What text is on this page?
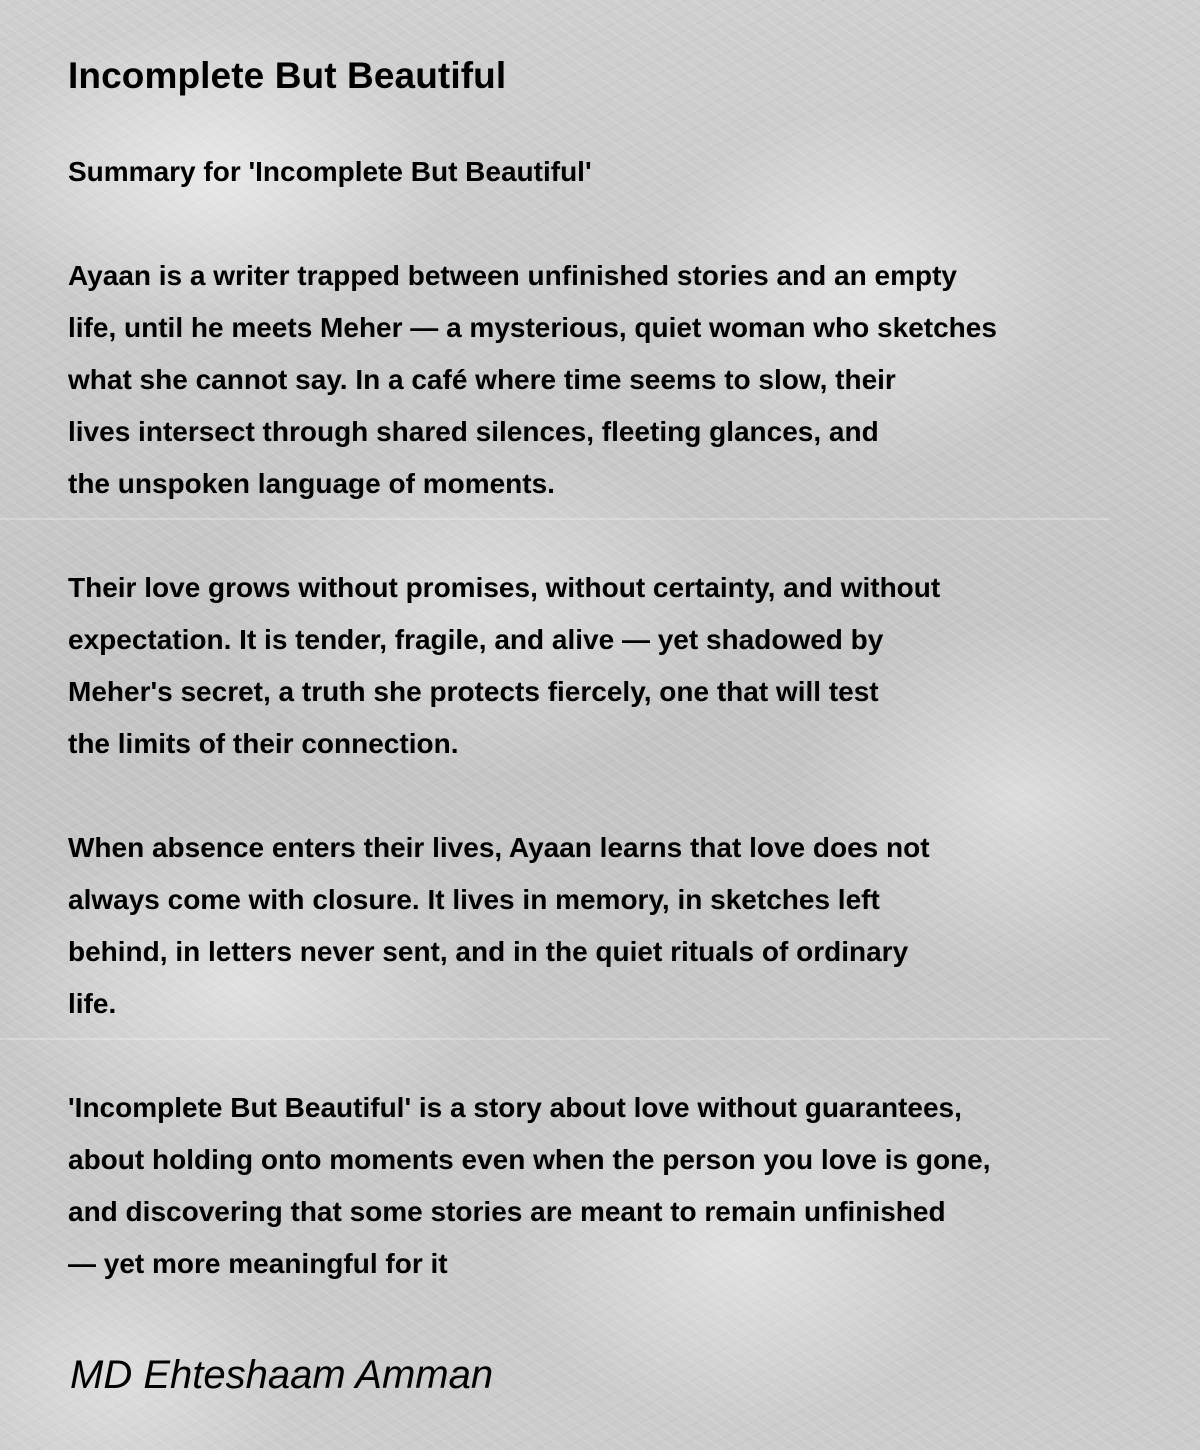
Incomplete But Beautiful
Summary for 'Incomplete But Beautiful'
Ayaan is a writer trapped between unfinished stories and an empty
life, until he meets Meher — a mysterious, quiet woman who sketches
what she cannot say. In a café where time seems to slow, their
lives intersect through shared silences, fleeting glances, and
the unspoken language of moments.
Their love grows without promises, without certainty, and without
expectation. It is tender, fragile, and alive — yet shadowed by
Meher's secret, a truth she protects fiercely, one that will test
the limits of their connection.
When absence enters their lives, Ayaan learns that love does not
always come with closure. It lives in memory, in sketches left
behind, in letters never sent, and in the quiet rituals of ordinary
life.
'Incomplete But Beautiful' is a story about love without guarantees,
about holding onto moments even when the person you love is gone,
and discovering that some stories are meant to remain unfinished
— yet more meaningful for it

MD Ehteshaam Amman
